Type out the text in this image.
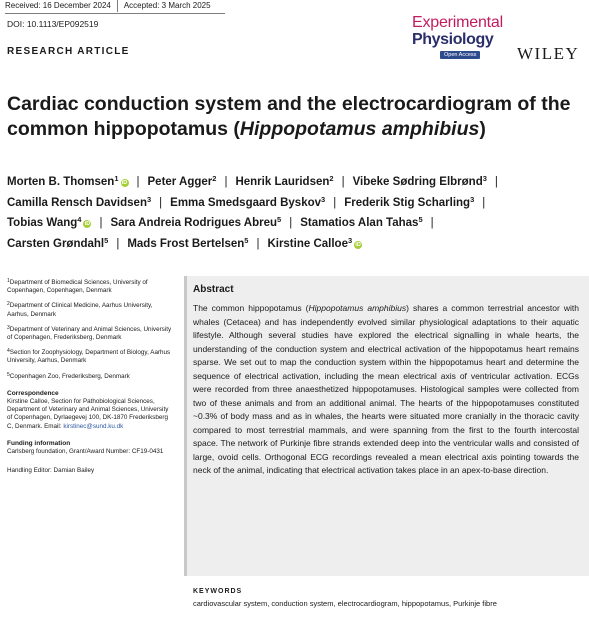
Received: 16 December 2024	Accepted: 3 March 2025
DOI: 10.1113/EP092519
RESEARCH ARTICLE
Experimental
Physiology
Open Access WILEY
Cardiac conduction system and the electrocardiogram of the
common hippopotamus (Hippopotamus amphibius)
Morten B. Thomsen$^1$ iD | Peter Agger$^2$ | Henrik Lauridsen$^2$ | Vibeke Sødring Elbrønd$^3$ |
Camilla Rensch Davidsen$^3$ | Emma Smedsgaard Byskov$^3$ | Frederik Stig Scharling$^3$ |
Tobias Wang$^4$ iD | Sara Andreia Rodrigues Abreu$^5$ | Stamatios Alan Tahas$^5$ |
Carsten Grøndahl$^5$ | Mads Frost Bertelsen$^5$ | Kirstine Calloe$^3$ iD
$^1$Department of Biomedical Sciences, University of Copenhagen, Copenhagen, Denmark
$^2$Department of Clinical Medicine, Aarhus University, Aarhus, Denmark
$^3$Department of Veterinary and Animal Sciences, University of Copenhagen, Frederiksberg, Denmark
$^4$Section for Zoophysiology, Department of Biology, Aarhus University, Aarhus, Denmark
$^5$Copenhagen Zoo, Frederiksberg, Denmark
Correspondence
Kirstine Calloe, Section for Pathobiological Sciences, Department of Veterinary and Animal Sciences, University of Copenhagen, Dyrlaegevej 100, DK-1870 Frederiksberg C, Denmark. Email: kirstinec@sund.ku.dk
Funding information
Carlsberg foundation, Grant/Award Number: CF19-0431
Handling Editor: Damian Bailey
Abstract
The common hippopotamus (Hippopotamus amphibius) shares a common terrestrial ancestor with whales (Cetacea) and has independently evolved similar physiological adaptations to their aquatic lifestyle. Although several studies have explored the electrical signalling in whale hearts, the understanding of the conduction system and electrical activation of the hippopotamus heart remains sparse. We set out to map the conduction system within the hippopotamus heart and determine the sequence of electrical activation, including the mean electrical axis of ventricular activation. ECGs were recorded from three anaesthetized hippopotamuses. Histological samples were collected from two of these animals and from an additional animal. The hearts of the hippopotamuses constituted ~0.3% of body mass and as in whales, the hearts were situated more cranially in the thoracic cavity compared to most terrestrial mammals, and were spanning from the first to the fourth intercostal space. The network of Purkinje fibre strands extended deep into the ventricular walls and consisted of large, ovoid cells. Orthogonal ECG recordings revealed a mean electrical axis pointing towards the neck of the animal, indicating that electrical activation takes place in an apex-to-base direction.
KEYWORDS
cardiovascular system, conduction system, electrocardiogram, hippopotamus, Purkinje fibre
